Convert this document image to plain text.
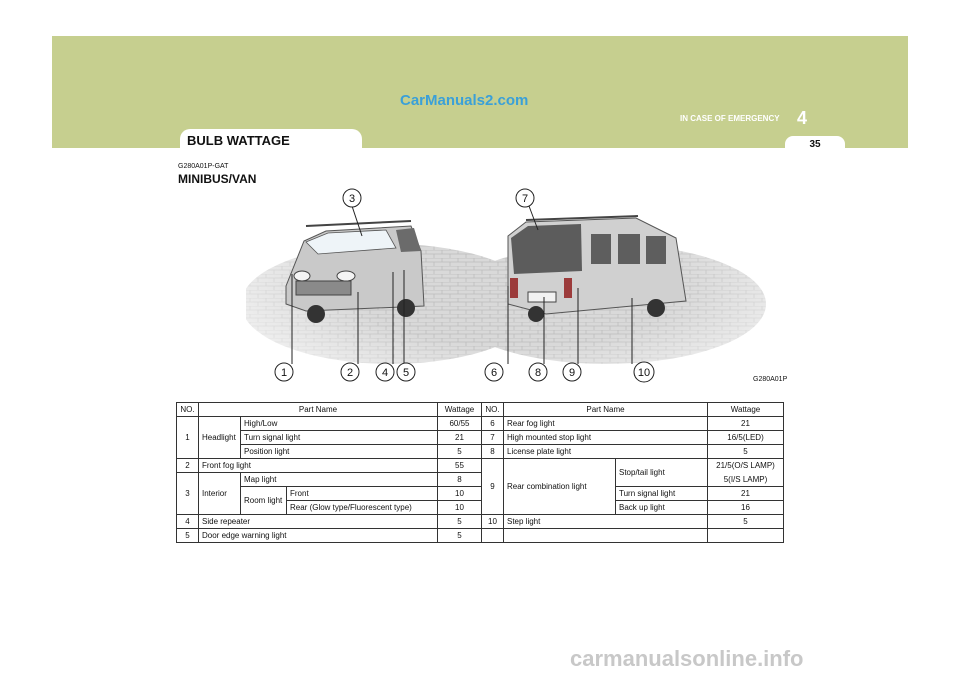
CarManuals2.com
BULB WATTAGE
IN CASE OF EMERGENCY 4
35
G280A01P-GAT
MINIBUS/VAN
1	2
3
4 5	6
7
8	9	10
G280A01P
NO.	Part Name			Wattage
1	Headlight	High/Low		60/55
		Turn signal light		21
		Position light		5
2	Front fog light			55
3	Interior	Map light		8
		Room light	Front	10
			Rear (Glow type/Fluorescent type)	10
4	Side repeater			5
5	Door edge warning light			5
NO.	Part Name		Wattage
6	Rear fog light		21
7	High mounted stop light		16/5(LED)
8	License plate light		5
9	Rear combination light	Stop/tail light	21/5(O/S LAMP)
			5(I/S LAMP)
		Turn signal light	21
		Back up light	16
10	Step light		5

carmanualsonline.info
